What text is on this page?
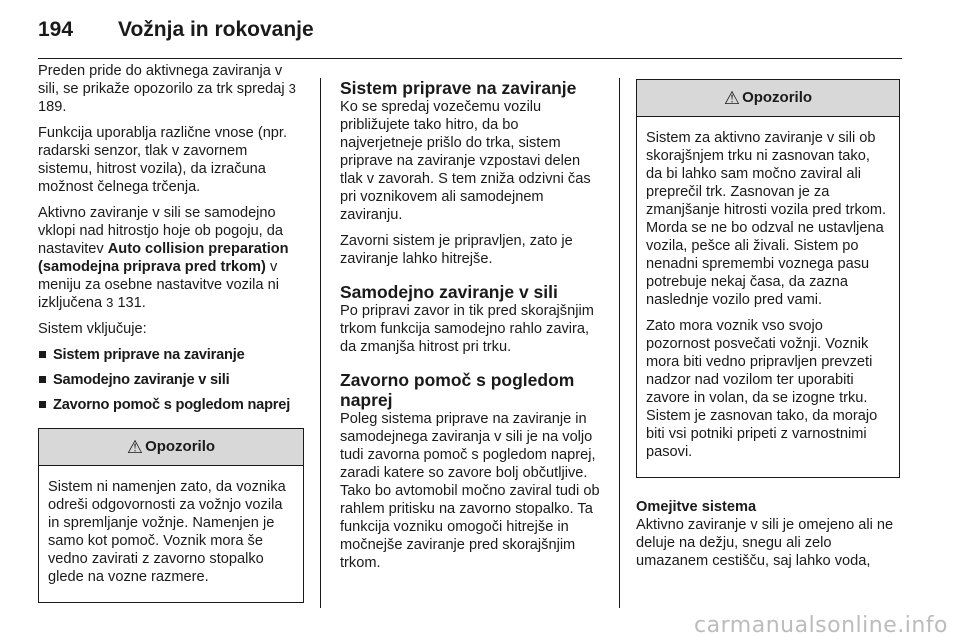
194 Vožnja in rokovanje

Preden pride do aktivnega zaviranja v sili, se prikaže opozorilo za trk spredaj 3 189.

Funkcija uporablja različne vnose (npr. radarski senzor, tlak v zavornem sistemu, hitrost vozila), da izračuna možnost čelnega trčenja.

Aktivno zaviranje v sili se samodejno vklopi nad hitrostjo hoje ob pogoju, da nastavitev Auto collision preparation (samodejna priprava pred trkom) v meniju za osebne nastavitve vozila ni izključena 3 131.

Sistem vključuje:

Sistem priprave na zaviranje
Samodejno zaviranje v sili
Zavorno pomoč s pogledom naprej
⚠ Opozorilo

Sistem ni namenjen zato, da voznika odreši odgovornosti za vožnjo vozila in spremljanje vožnje. Namenjen je samo kot pomoč. Voznik mora še vedno zavirati z zavorno stopalko glede na vozne razmere.

Sistem priprave na zaviranje

Ko se spredaj vozečemu vozilu približujete tako hitro, da bo najverjetneje prišlo do trka, sistem priprave na zaviranje vzpostavi delen tlak v zavorah. S tem zniža odzivni čas pri voznikovem ali samodejnem zaviranju.

Zavorni sistem je pripravljen, zato je zaviranje lahko hitrejše.

Samodejno zaviranje v sili

Po pripravi zavor in tik pred skorajšnjim trkom funkcija samodejno rahlo zavira, da zmanjša hitrost pri trku.

Zavorno pomoč s pogledom naprej

Poleg sistema priprave na zaviranje in samodejnega zaviranja v sili je na voljo tudi zavorna pomoč s pogledom naprej, zaradi katere so zavore bolj občutljive. Tako bo avtomobil močno zaviral tudi ob rahlem pritisku na zavorno stopalko. Ta funkcija vozniku omogoči hitrejše in močnejše zaviranje pred skorajšnjim trkom.

⚠ Opozorilo

Sistem za aktivno zaviranje v sili ob skorajšnjem trku ni zasnovan tako, da bi lahko sam močno zaviral ali preprečil trk. Zasnovan je za zmanjšanje hitrosti vozila pred trkom. Morda se ne bo odzval ne ustavljena vozila, pešce ali živali. Sistem po nenadni spremembi voznega pasu potrebuje nekaj časa, da zazna naslednje vozilo pred vami.

Zato mora voznik vso svojo pozornost posvečati vožnji. Voznik mora biti vedno pripravljen prevzeti nadzor nad vozilom ter uporabiti zavore in volan, da se izogne trku. Sistem je zasnovan tako, da morajo biti vsi potniki pripeti z varnostnimi pasovi.

Omejitve sistema

Aktivno zaviranje v sili je omejeno ali ne deluje na dežju, snegu ali zelo umazanem cestišču, saj lahko voda,

carmanualsonline.info
